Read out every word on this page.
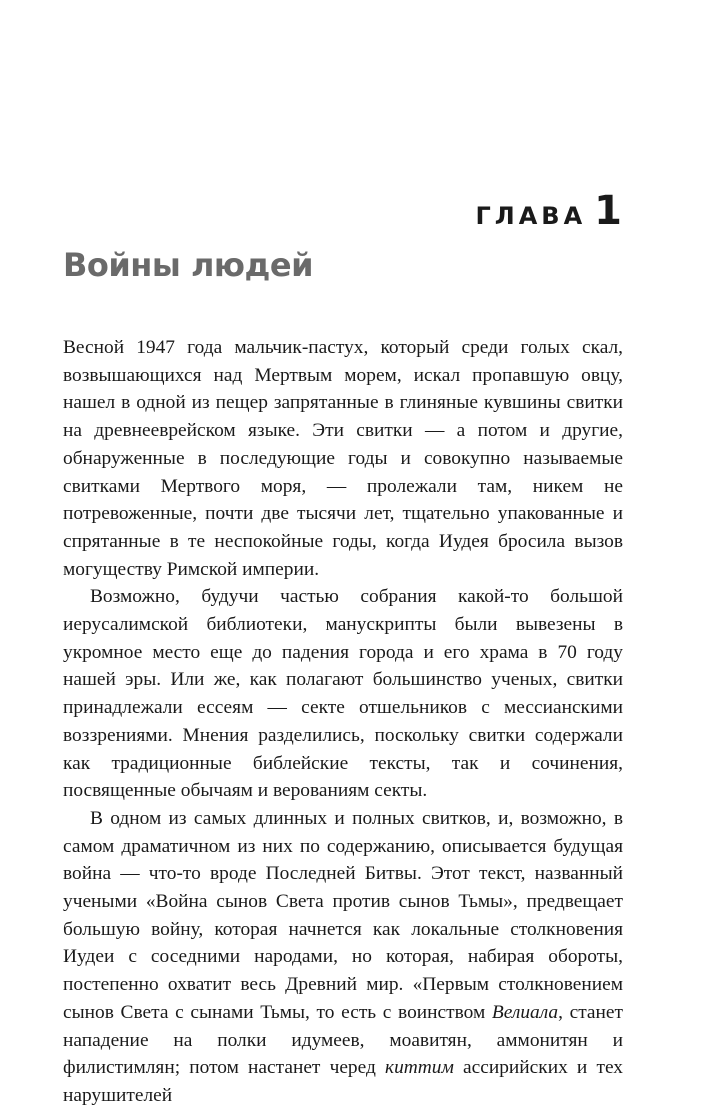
ГЛАВА 1
Войны людей

Весной 1947 года мальчик-пастух, который среди голых скал, возвышающихся над Мертвым морем, искал пропавшую овцу, нашел в одной из пещер запрятанные в глиняные кувшины свитки на древнееврейском языке. Эти свитки — а потом и другие, обнаруженные в последующие годы и совокупно называемые свитками Мертвого моря, — пролежали там, никем не потревоженные, почти две тысячи лет, тщательно упакованные и спрятанные в те неспокойные годы, когда Иудея бросила вызов могуществу Римской империи.

Возможно, будучи частью собрания какой-то большой иерусалимской библиотеки, манускрипты были вывезены в укромное место еще до падения города и его храма в 70 году нашей эры. Или же, как полагают большинство ученых, свитки принадлежали ессеям — секте отшельников с мессианскими воззрениями. Мнения разделились, поскольку свитки содержали как традиционные библейские тексты, так и сочинения, посвященные обычаям и верованиям секты.

В одном из самых длинных и полных свитков, и, возможно, в самом драматичном из них по содержанию, описывается будущая война — что-то вроде Последней Битвы. Этот текст, названный учеными «Война сынов Света против сынов Тьмы», предвещает большую войну, которая начнется как локальные столкновения Иудеи с соседними народами, но которая, набирая обороты, постепенно охватит весь Древний мир. «Первым столкновением сынов Света с сынами Тьмы, то есть с воинством Велиала, станет нападение на полки идумеев, моавитян, аммонитян и филистимлян; потом настанет черед киттим ассирийских и тех нарушителей
